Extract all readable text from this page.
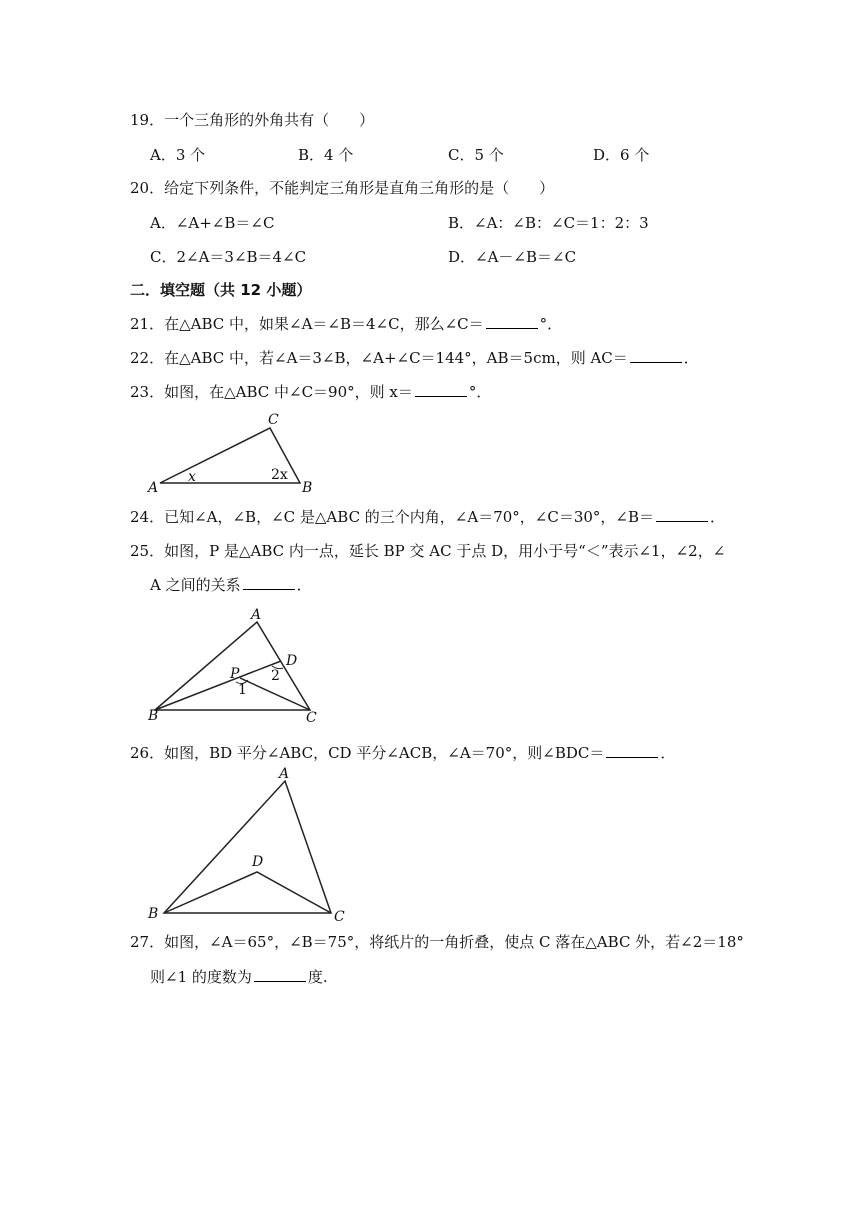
19．一个三角形的外角共有（　　）
A．3 个	B．4 个	C．5 个	D．6 个
20．给定下列条件，不能判定三角形是直角三角形的是（　　）
A．∠A+∠B＝∠C	B．∠A：∠B：∠C＝1：2：3
C．2∠A＝3∠B＝4∠C	D．∠A－∠B＝∠C
二．填空题（共 12 小题）
21．在△ABC 中，如果∠A＝∠B＝4∠C，那么∠C＝	°．
22．在△ABC 中，若∠A＝3∠B，∠A+∠C＝144°，AB＝5cm，则 AC＝	．
23．如图，在△ABC 中∠C＝90°，则 x＝	°．
A	B
C
x	2x
24．已知∠A，∠B，∠C 是△ABC 的三个内角，∠A＝70°，∠C＝30°，∠B＝	．
25．如图，P 是△ABC 内一点，延长 BP 交 AC 于点 D，用小于号“＜”表示∠1，∠2，∠
A 之间的关系	．
A
B	C
P
D
1
2
26．如图，BD 平分∠ABC，CD 平分∠ACB，∠A＝70°，则∠BDC＝	．
A
B	C
D
27．如图，∠A＝65°，∠B＝75°，将纸片的一角折叠，使点 C 落在△ABC 外，若∠2＝18°
则∠1 的度数为	度.
